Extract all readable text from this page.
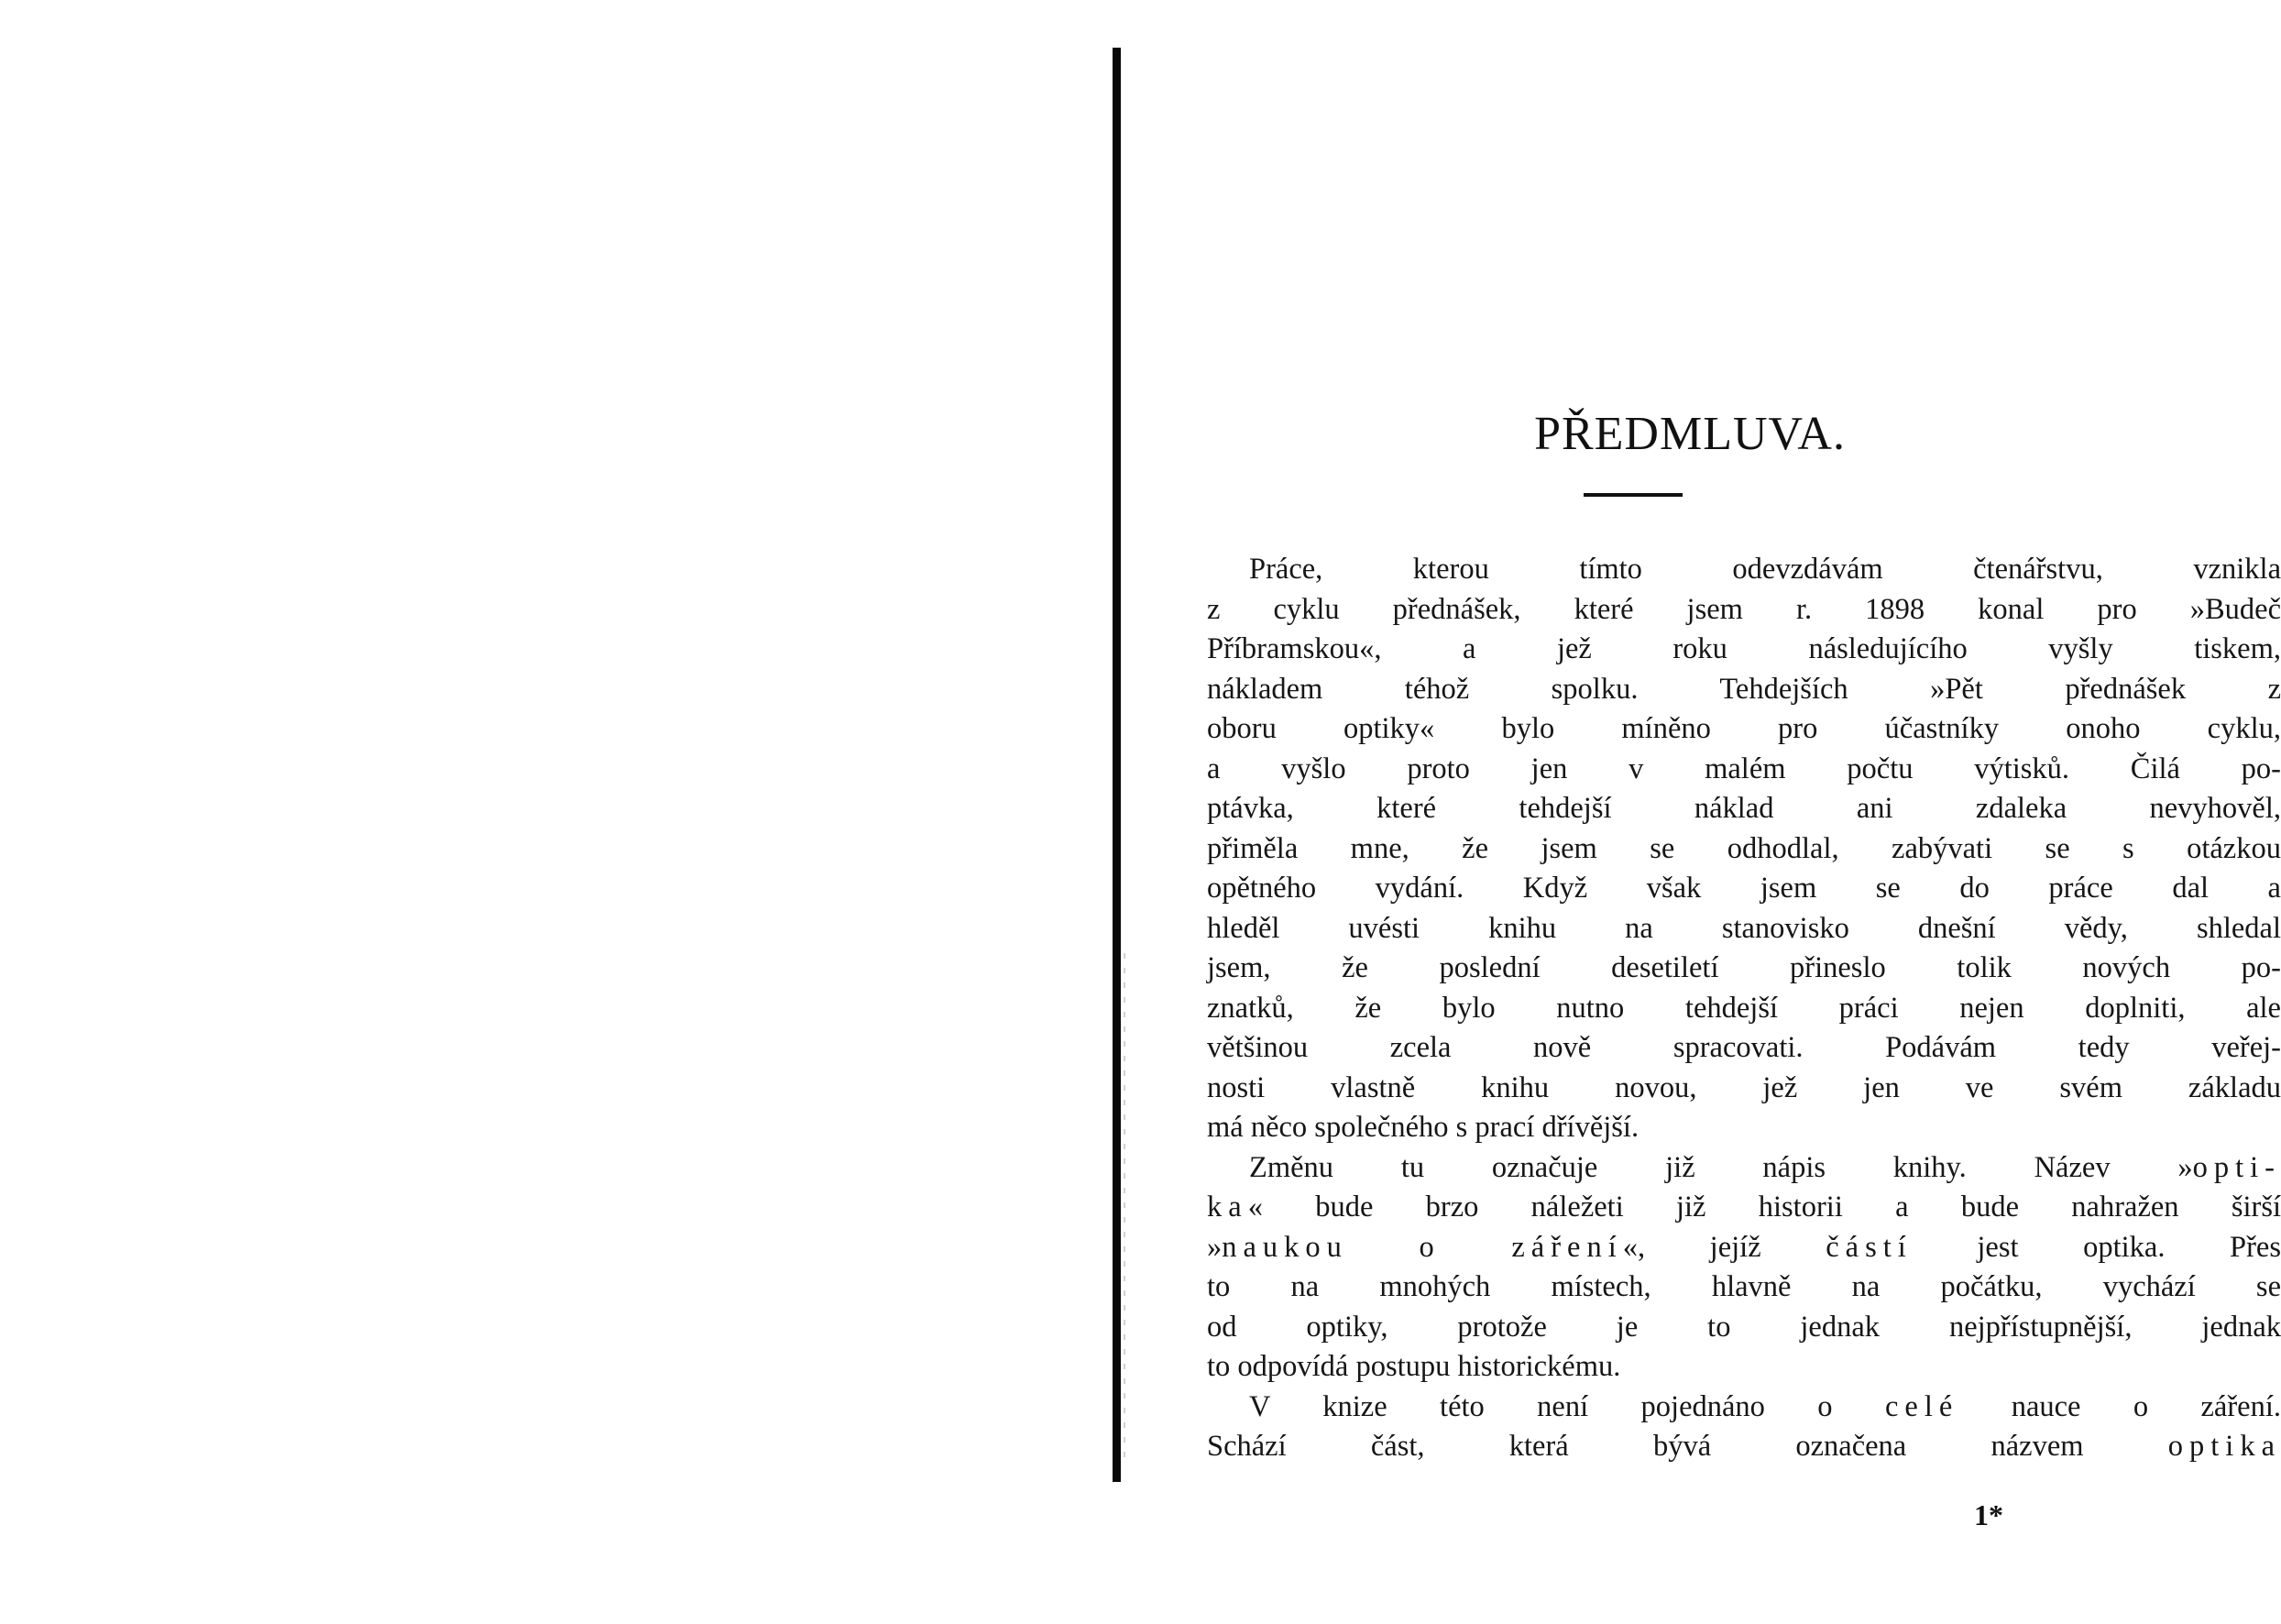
PŘEDMLUVA.
Práce, kterou tímto odevzdávám čtenářstvu, vznikla
z cyklu přednášek, které jsem r. 1898 konal pro »Budeč
Příbramskou«, a jež roku následujícího vyšly tiskem,
nákladem téhož spolku. Tehdejších »Pět přednášek z
oboru optiky« bylo míněno pro účastníky onoho cyklu,
a vyšlo proto jen v malém počtu výtisků. Čilá po-
ptávka, které tehdejší náklad ani zdaleka nevyhověl,
přiměla mne, že jsem se odhodlal, zabývati se s otázkou
opětného vydání. Když však jsem se do práce dal a
hleděl uvésti knihu na stanovisko dnešní vědy, shledal
jsem, že poslední desetiletí přineslo tolik nových po-
znatků, že bylo nutno tehdejší práci nejen doplniti, ale
většinou zcela nově spracovati. Podávám tedy veřej-
nosti vlastně knihu novou, jež jen ve svém základu
má něco společného s prací dřívější.
Změnu tu označuje již nápis knihy. Název »opti-
ka« bude brzo náležeti již historii a bude nahražen širší
»naukou o záření«, jejíž částí jest optika. Přes
to na mnohých místech, hlavně na počátku, vychází se
od optiky, protože je to jednak nejpřístupnější, jednak
to odpovídá postupu historickému.
V knize této není pojednáno o celé nauce o záření.
Schází část, která bývá označena názvem	optika

1*
